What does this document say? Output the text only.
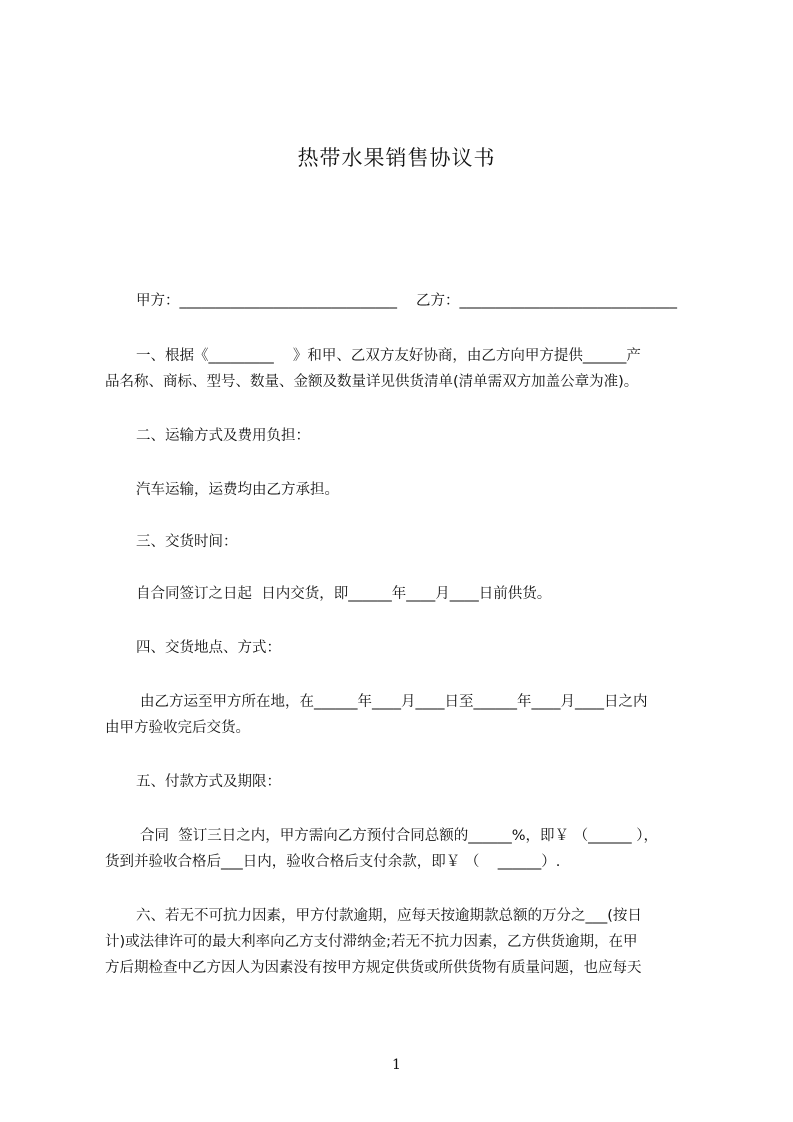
热带水果销售协议书
甲方：______________________________ 乙方：______________________________
一、根据《_________　 》和甲、乙双方友好协商，由乙方向甲方提供______产
品名称、商标、型号、数量、金额及数量详见供货清单(清单需双方加盖公章为准)。
二、运输方式及费用负担：
汽车运输，运费均由乙方承担。
三、交货时间：
自合同签订之日起  日内交货，即______年____月____日前供货。
四、交货地点、方式：
由乙方运至甲方所在地，在______年____月____日至______年____月____日之内
由甲方验收完后交货。
五、付款方式及期限：
合同  签订三日之内，甲方需向乙方预付合同总额的______%，即￥ （______ ），
货到并验收合格后___日内，验收合格后支付余款，即￥ （    ______）.
六、若无不可抗力因素，甲方付款逾期，应每天按逾期款总额的万分之___(按日
计)或法律许可的最大利率向乙方支付滞纳金;若无不抗力因素，乙方供货逾期，在甲
方后期检查中乙方因人为因素没有按甲方规定供货或所供货物有质量问题，也应每天
1
